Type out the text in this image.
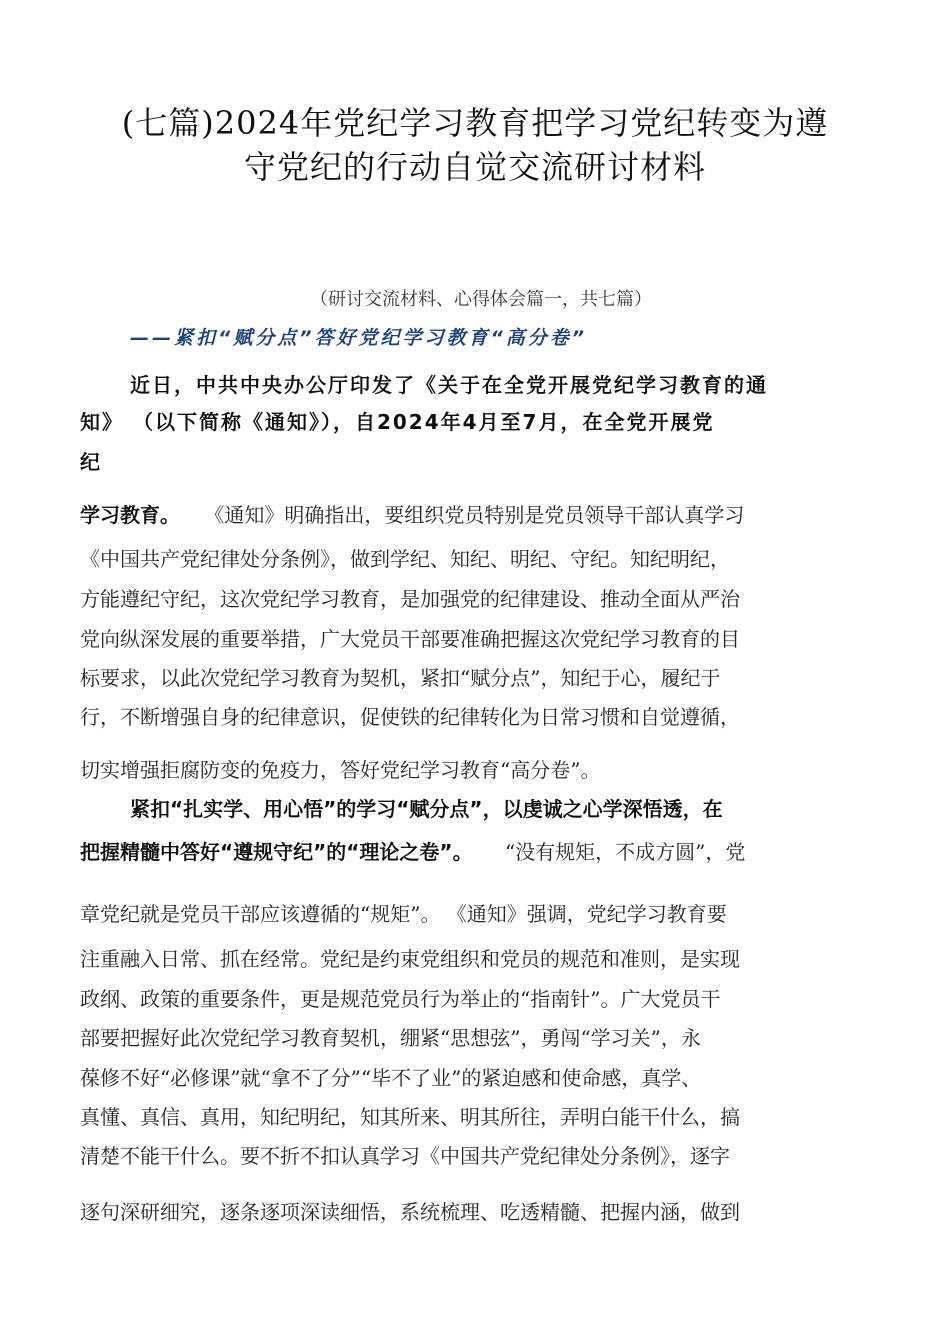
(七篇)2024年党纪学习教育把学习党纪转变为遵
守党纪的行动自觉交流研讨材料
（研讨交流材料、心得体会篇一，共七篇）
——紧扣“赋分点”答好党纪学习教育“高分卷”
近日，中共中央办公厅印发了《关于在全党开展党纪学习教育的通
知》 （以下简称《通知》），自2024年4月至7月，在全党开展党
纪
学习教育。 《通知》明确指出，要组织党员特别是党员领导干部认真学习
《中国共产党纪律处分条例》，做到学纪、知纪、明纪、守纪。知纪明纪，
方能遵纪守纪，这次党纪学习教育，是加强党的纪律建设、推动全面从严治
党向纵深发展的重要举措，广大党员干部要准确把握这次党纪学习教育的目
标要求，以此次党纪学习教育为契机，紧扣“赋分点”，知纪于心，履纪于
行，不断增强自身的纪律意识，促使铁的纪律转化为日常习惯和自觉遵循，
切实增强拒腐防变的免疫力，答好党纪学习教育“高分卷”。
紧扣“扎实学、用心悟”的学习“赋分点”，以虔诚之心学深悟透，在
把握精髓中答好“遵规守纪”的“理论之卷”。 “没有规矩，不成方圆”，党
章党纪就是党员干部应该遵循的“规矩”。 《通知》强调，党纪学习教育要
注重融入日常、抓在经常。党纪是约束党组织和党员的规范和准则，是实现
政纲、政策的重要条件，更是规范党员行为举止的“指南针”。广大党员干
部要把握好此次党纪学习教育契机，绷紧“思想弦”，勇闯“学习关”，永
葆修不好“必修课”就“拿不了分”“毕不了业”的紧迫感和使命感，真学、
真懂、真信、真用，知纪明纪，知其所来、明其所往，弄明白能干什么，搞
清楚不能干什么。要不折不扣认真学习《中国共产党纪律处分条例》，逐字
逐句深研细究，逐条逐项深读细悟，系统梳理、吃透精髓、把握内涵，做到
